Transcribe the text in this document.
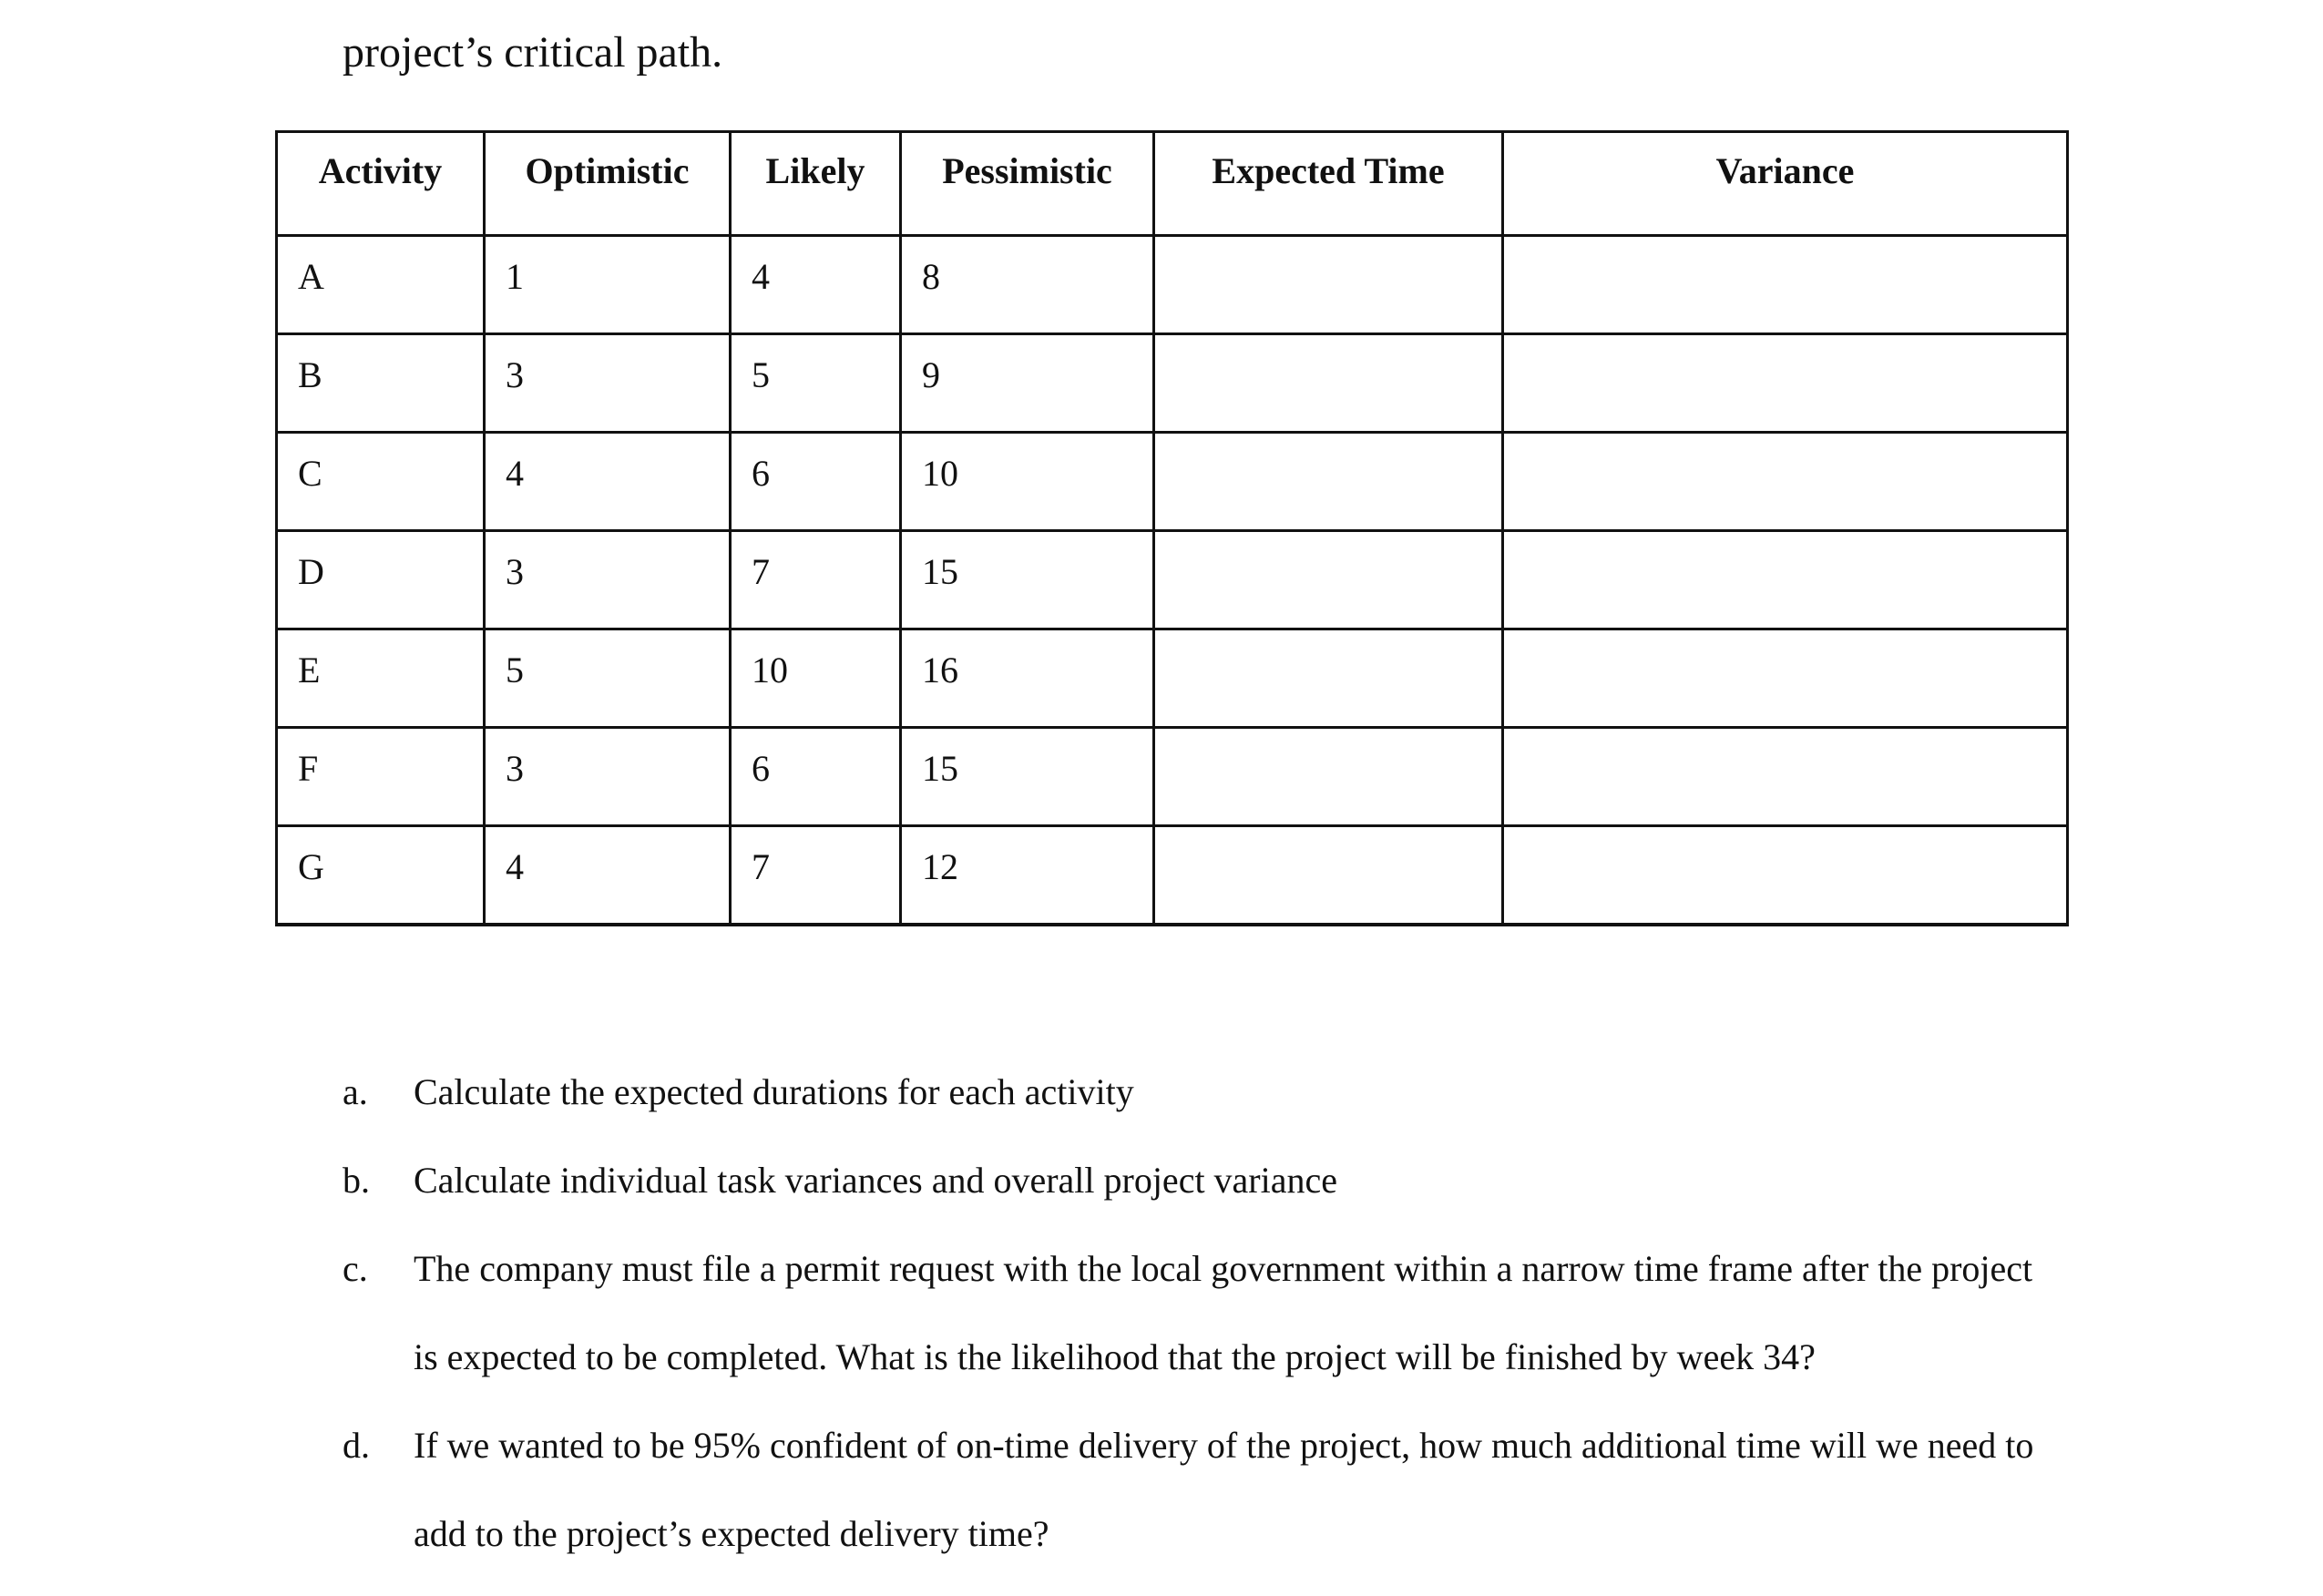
project’s critical path.
Activity	Optimistic	Likely	Pessimistic	Expected Time	Variance
A	1	4	8		
B	3	5	9		
C	4	6	10		
D	3	7	15		
E	5	10	16		
F	3	6	15		
G	4	7	12		
a. Calculate the expected durations for each activity
b. Calculate individual task variances and overall project variance
c. The company must file a permit request with the local government within a narrow time frame after the project is expected to be completed. What is the likelihood that the project will be finished by week 34?
d. If we wanted to be 95% confident of on-time delivery of the project, how much additional time will we need to add to the project’s expected delivery time?
